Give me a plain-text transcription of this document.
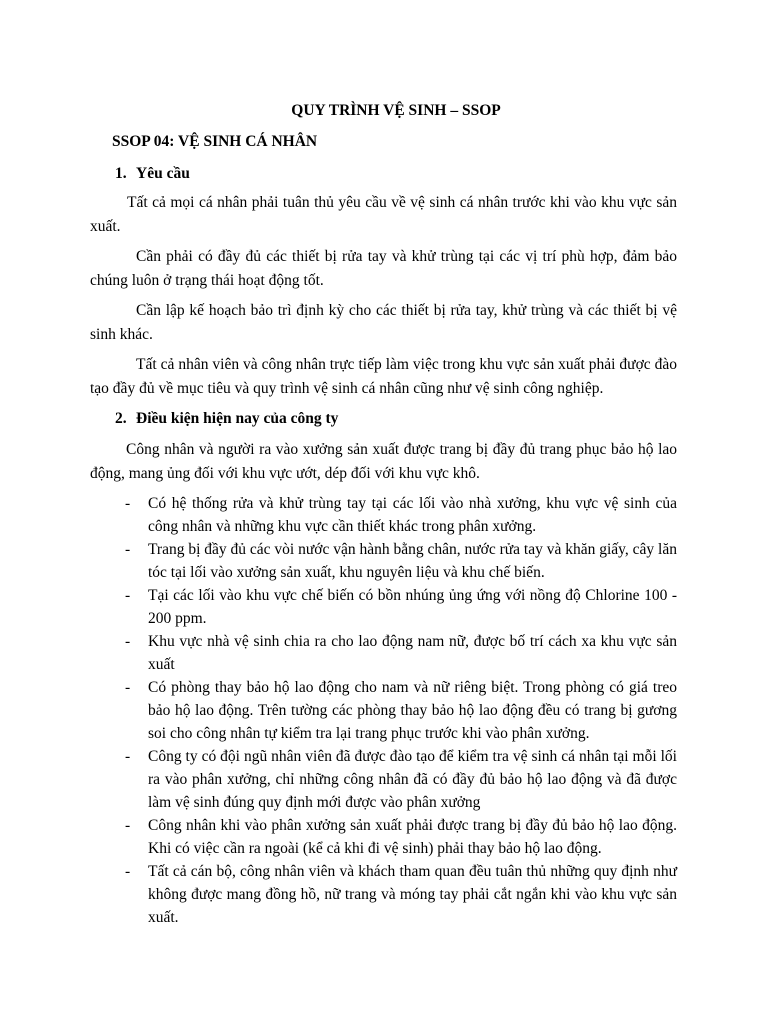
QUY TRÌNH VỆ SINH – SSOP
SSOP 04: VỆ SINH CÁ NHÂN
1. Yêu cầu

Tất cả mọi cá nhân phải tuân thủ yêu cầu về vệ sinh cá nhân trước khi vào khu vực sản xuất.

Cần phải có đầy đủ các thiết bị rửa tay và khử trùng tại các vị trí phù hợp, đảm bảo chúng luôn ở trạng thái hoạt động tốt.

Cần lập kế hoạch bảo trì định kỳ cho các thiết bị rửa tay, khử trùng và các thiết bị vệ sinh khác.

Tất cả nhân viên và công nhân trực tiếp làm việc trong khu vực sản xuất phải được đào tạo đầy đủ về mục tiêu và quy trình vệ sinh cá nhân cũng như vệ sinh công nghiệp.

2. Điều kiện hiện nay của công ty

Công nhân và người ra vào xưởng sản xuất được trang bị đầy đủ trang phục bảo hộ lao động, mang ủng đối với khu vực ướt, dép đối với khu vực khô.

- Có hệ thống rửa và khử trùng tay tại các lối vào nhà xưởng, khu vực vệ sinh của công nhân và những khu vực cần thiết khác trong phân xưởng.
- Trang bị đầy đủ các vòi nước vận hành bằng chân, nước rửa tay và khăn giấy, cây lăn tóc tại lối vào xưởng sản xuất, khu nguyên liệu và khu chế biến.
- Tại các lối vào khu vực chế biến có bồn nhúng ủng ứng với nồng độ Chlorine 100 - 200 ppm.
- Khu vực nhà vệ sinh chia ra cho lao động nam nữ, được bố trí cách xa khu vực sản xuất
- Có phòng thay bảo hộ lao động cho nam và nữ riêng biệt. Trong phòng có giá treo bảo hộ lao động. Trên tường các phòng thay bảo hộ lao động đều có trang bị gương soi cho công nhân tự kiểm tra lại trang phục trước khi vào phân xưởng.
- Công ty có đội ngũ nhân viên đã được đào tạo để kiểm tra vệ sinh cá nhân tại mỗi lối ra vào phân xưởng, chỉ những công nhân đã có đầy đủ bảo hộ lao động và đã được làm vệ sinh đúng quy định mới được vào phân xưởng
- Công nhân khi vào phân xưởng sản xuất phải được trang bị đầy đủ bảo hộ lao động. Khi có việc cần ra ngoài (kể cả khi đi vệ sinh) phải thay bảo hộ lao động.
- Tất cả cán bộ, công nhân viên và khách tham quan đều tuân thủ những quy định như không được mang đồng hồ, nữ trang và móng tay phải cắt ngắn khi vào khu vực sản xuất.
